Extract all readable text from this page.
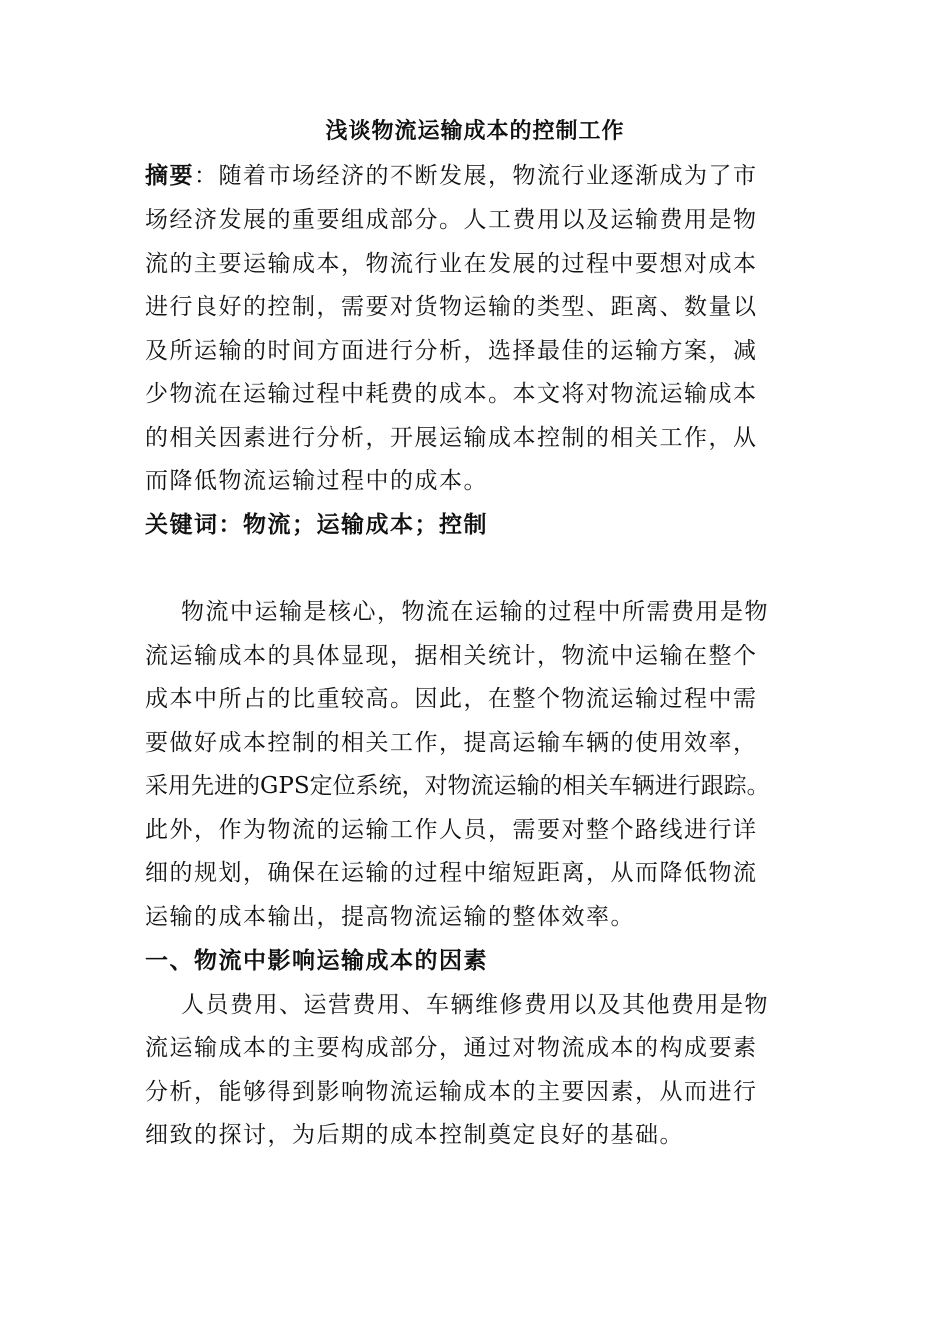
浅谈物流运输成本的控制工作
摘要：随着市场经济的不断发展，物流行业逐渐成为了市
场经济发展的重要组成部分。人工费用以及运输费用是物
流的主要运输成本，物流行业在发展的过程中要想对成本
进行良好的控制，需要对货物运输的类型、距离、数量以
及所运输的时间方面进行分析，选择最佳的运输方案，减
少物流在运输过程中耗费的成本。本文将对物流运输成本
的相关因素进行分析，开展运输成本控制的相关工作，从
而降低物流运输过程中的成本。
关键词：物流；运输成本；控制
物流中运输是核心，物流在运输的过程中所需费用是物
流运输成本的具体显现，据相关统计，物流中运输在整个
成本中所占的比重较高。因此，在整个物流运输过程中需
要做好成本控制的相关工作，提高运输车辆的使用效率，
采用先进的GPS定位系统，对物流运输的相关车辆进行跟踪。
此外，作为物流的运输工作人员，需要对整个路线进行详
细的规划，确保在运输的过程中缩短距离，从而降低物流
运输的成本输出，提高物流运输的整体效率。
一、物流中影响运输成本的因素
人员费用、运营费用、车辆维修费用以及其他费用是物
流运输成本的主要构成部分，通过对物流成本的构成要素
分析，能够得到影响物流运输成本的主要因素，从而进行
细致的探讨，为后期的成本控制奠定良好的基础。
